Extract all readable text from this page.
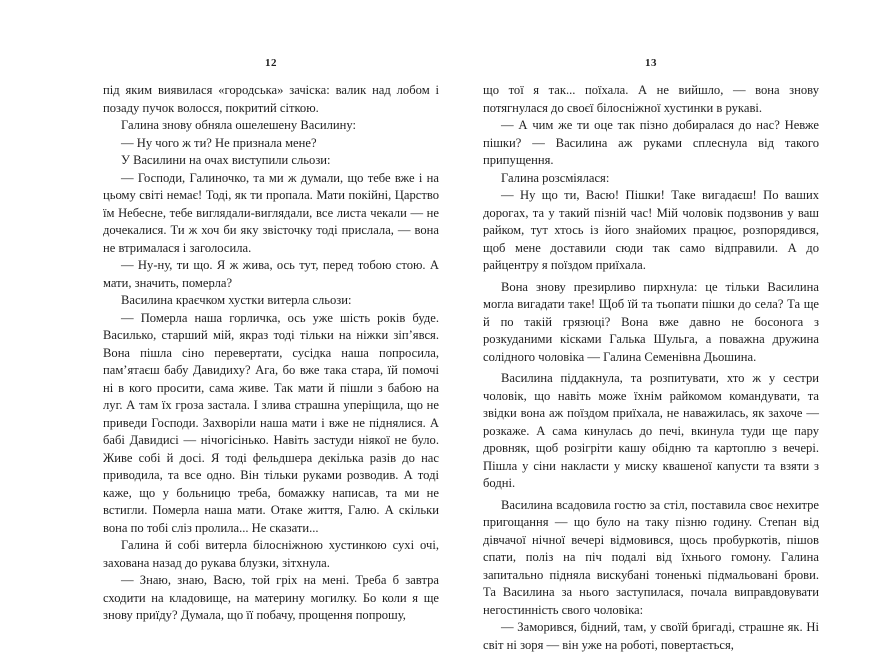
12

під яким виявилася «городська» зачіска: валик над лобом і позаду пучок волосся, покритий сіткою.

Галина знову обняла ошелешену Василину:

— Ну чого ж ти? Не признала мене?

У Василини на очах виступили сльози:

— Господи, Галиночко, та ми ж думали, що тебе вже і на цьому світі немає! Тоді, як ти пропала. Мати покійні, Царство їм Небесне, тебе виглядали-виглядали, все листа чекали — не дочекалися. Ти ж хоч би яку звісточку тоді прислала, — вона не втрималася і заголосила.

— Ну-ну, ти що. Я ж жива, ось тут, перед тобою стою. А мати, значить, померла?

Василина краєчком хустки витерла сльози:

— Померла наша горличка, ось уже шість років буде. Василько, старший мій, якраз тоді тільки на ніжки зіп’явся. Вона пішла сіно перевертати, сусідка наша попросила, пам’ятаєш бабу Давидиху? Ага, бо вже така стара, їй помочі ні в кого просити, сама живе. Так мати й пішли з бабою на луг. А там їх гроза застала. І злива страшна уперіщила, що не приведи Господи. Захворіли наша мати і вже не піднялися. А бабі Давидисі — нічогісінько. Навіть застуди ніякої не було. Живе собі й досі. Я тоді фельдшера декілька разів до нас приводила, та все одно. Він тільки руками розводив. А тоді каже, що у больницю треба, бомажку написав, та ми не встигли. Померла наша мати. Отаке життя, Галю. А скільки вона по тобі сліз пролила... Не сказати...

Галина й собі витерла білосніжною хустинкою сухі очі, захована назад до рукава блузки, зітхнула.

— Знаю, знаю, Васю, той гріх на мені. Треба б завтра сходити на кладовище, на материну могилку. Бо коли я ще знову приїду? Думала, що її побачу, прощення попрошу,

13

що тої я так... поїхала. А не вийшло, — вона знову потягнулася до своєї білосніжної хустинки в рукаві.

— А чим же ти оце так пізно добиралася до нас? Невже пішки? — Василина аж руками сплеснула від такого припущення.

Галина розсміялася:

— Ну що ти, Васю! Пішки! Таке вигадаєш! По ваших дорогах, та у такий пізній час! Мій чоловік подзвонив у ваш райком, тут хтось із його знайомих працює, розпорядився, щоб мене доставили сюди так само відправили. А до райцентру я поїздом приїхала.

Вона знову презирливо пирхнула: це тільки Василина могла вигадати таке! Щоб їй та тьопати пішки до села? Та ще й по такій грязюці? Вона вже давно не босонога з розкуданими кісками Галька Шульга, а поважна дружина солідного чоловіка — Галина Семенівна Дьошина.

Василина піддакнула, та розпитувати, хто ж у сестри чоловік, що навіть може їхнім райкомом командувати, та звідки вона аж поїздом приїхала, не наважилась, як захоче — розкаже. А сама кинулась до печі, вкинула туди ще пару дровняк, щоб розігріти кашу обідню та картоплю з вечері. Пішла у сіни накласти у миску квашеної капусти та взяти з бодні.

Василина всадовила гостю за стіл, поставила своє нехитре пригощання — що було на таку пізню годину. Степан від дівчачої нічної вечері відмовився, щось пробуркотів, пішов спати, поліз на піч подалі від їхнього гомону. Галина запитально підняла вискубані тоненькі підмальовані брови. Та Василина за нього заступилася, почала виправдовувати негостинність свого чоловіка:

— Заморився, бідний, там, у своїй бригаді, страшне як. Ні світ ні зоря — він уже на роботі, повертається,
